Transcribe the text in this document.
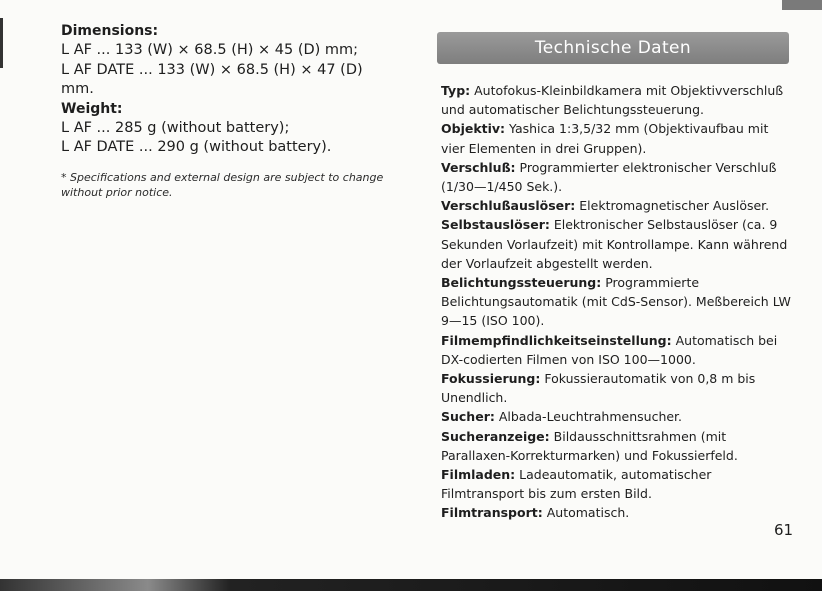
Dimensions:
L AF ... 133 (W) × 68.5 (H) × 45 (D) mm;
L AF DATE ... 133 (W) × 68.5 (H) × 47 (D)
mm.
Weight:
L AF ... 285 g (without battery);
L AF DATE ... 290 g (without battery).
* Specifications and external design are subject to change without prior notice.
Technische Daten
Typ: Autofokus-Kleinbildkamera mit Objektivverschluß und automatischer Belichtungssteuerung.
Objektiv: Yashica 1:3,5/32 mm (Objektivaufbau mit vier Elementen in drei Gruppen).
Verschluß: Programmierter elektronischer Verschluß (1/30—1/450 Sek.).
Verschlußauslöser: Elektromagnetischer Auslöser.
Selbstauslöser: Elektronischer Selbstauslöser (ca. 9 Sekunden Vorlaufzeit) mit Kontrollampe. Kann während der Vorlaufzeit abgestellt werden.
Belichtungssteuerung: Programmierte Belichtungsautomatik (mit CdS-Sensor). Meßbereich LW 9—15 (ISO 100).
Filmempfindlichkeitseinstellung: Automatisch bei DX-codierten Filmen von ISO 100—1000.
Fokussierung: Fokussierautomatik von 0,8 m bis Unendlich.
Sucher: Albada-Leuchtrahmensucher.
Sucheranzeige: Bildausschnittsrahmen (mit Parallaxen-Korrekturmarken) und Fokussierfeld.
Filmladen: Ladeautomatik, automatischer Filmtransport bis zum ersten Bild.
Filmtransport: Automatisch.
61
